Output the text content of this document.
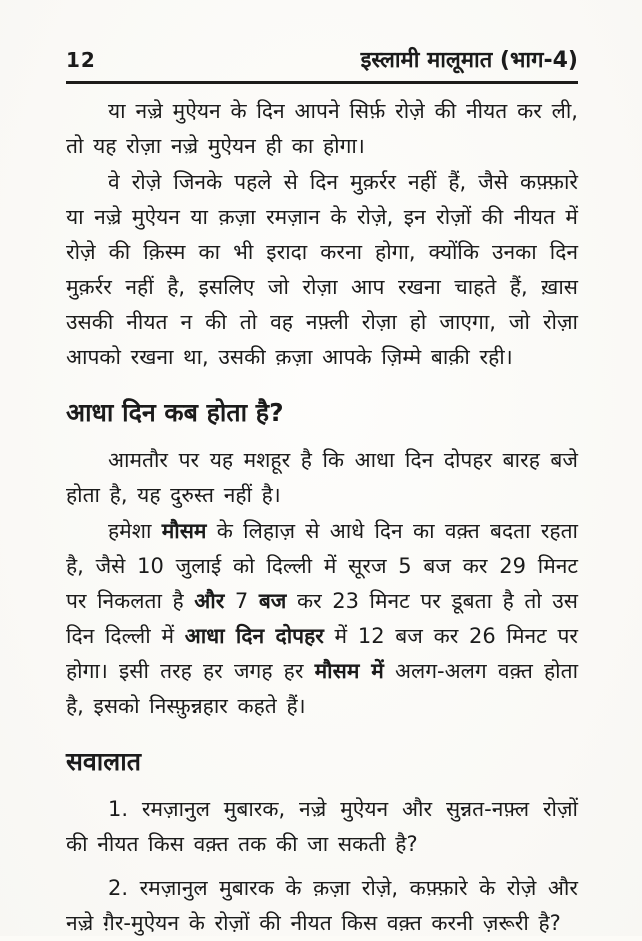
12	इस्लामी मालूमात (भाग-4)

या नज़्रे मुऐयन के दिन आपने सिर्फ़ रोज़े की नीयत कर ली, तो यह रोज़ा नज़्रे मुऐयन ही का होगा।

वे रोज़े जिनके पहले से दिन मुक़र्रर नहीं हैं, जैसे कफ़्फ़ारे या नज़्रे मुऐयन या क़ज़ा रमज़ान के रोज़े, इन रोज़ों की नीयत में रोज़े की क़िस्म का भी इरादा करना होगा, क्योंकि उनका दिन मुक़र्रर नहीं है, इसलिए जो रोज़ा आप रखना चाहते हैं, ख़ास उसकी नीयत न की तो वह नफ़्ली रोज़ा हो जाएगा, जो रोज़ा आपको रखना था, उसकी क़ज़ा आपके ज़िम्मे बाक़ी रही।

आधा दिन कब होता है?

आमतौर पर यह मशहूर है कि आधा दिन दोपहर बारह बजे होता है, यह दुरुस्त नहीं है।

हमेशा मौसम के लिहाज़ से आधे दिन का वक़्त बदता रहता है, जैसे 10 जुलाई को दिल्ली में सूरज 5 बज कर 29 मिनट पर निकलता है और 7 बज कर 23 मिनट पर डूबता है तो उस दिन दिल्ली में आधा दिन दोपहर में 12 बज कर 26 मिनट पर होगा। इसी तरह हर जगह हर मौसम में अलग-अलग वक़्त होता है, इसको निस्फ़ुन्नहार कहते हैं।

सवालात

1. रमज़ानुल मुबारक, नज़्रे मुऐयन और सुन्नत-नफ़्ल रोज़ों की नीयत किस वक़्त तक की जा सकती है?

2. रमज़ानुल मुबारक के क़ज़ा रोज़े, कफ़्फ़ारे के रोज़े और नज़्रे ग़ैर-मुऐयन के रोज़ों की नीयत किस वक़्त करनी ज़रूरी है?
